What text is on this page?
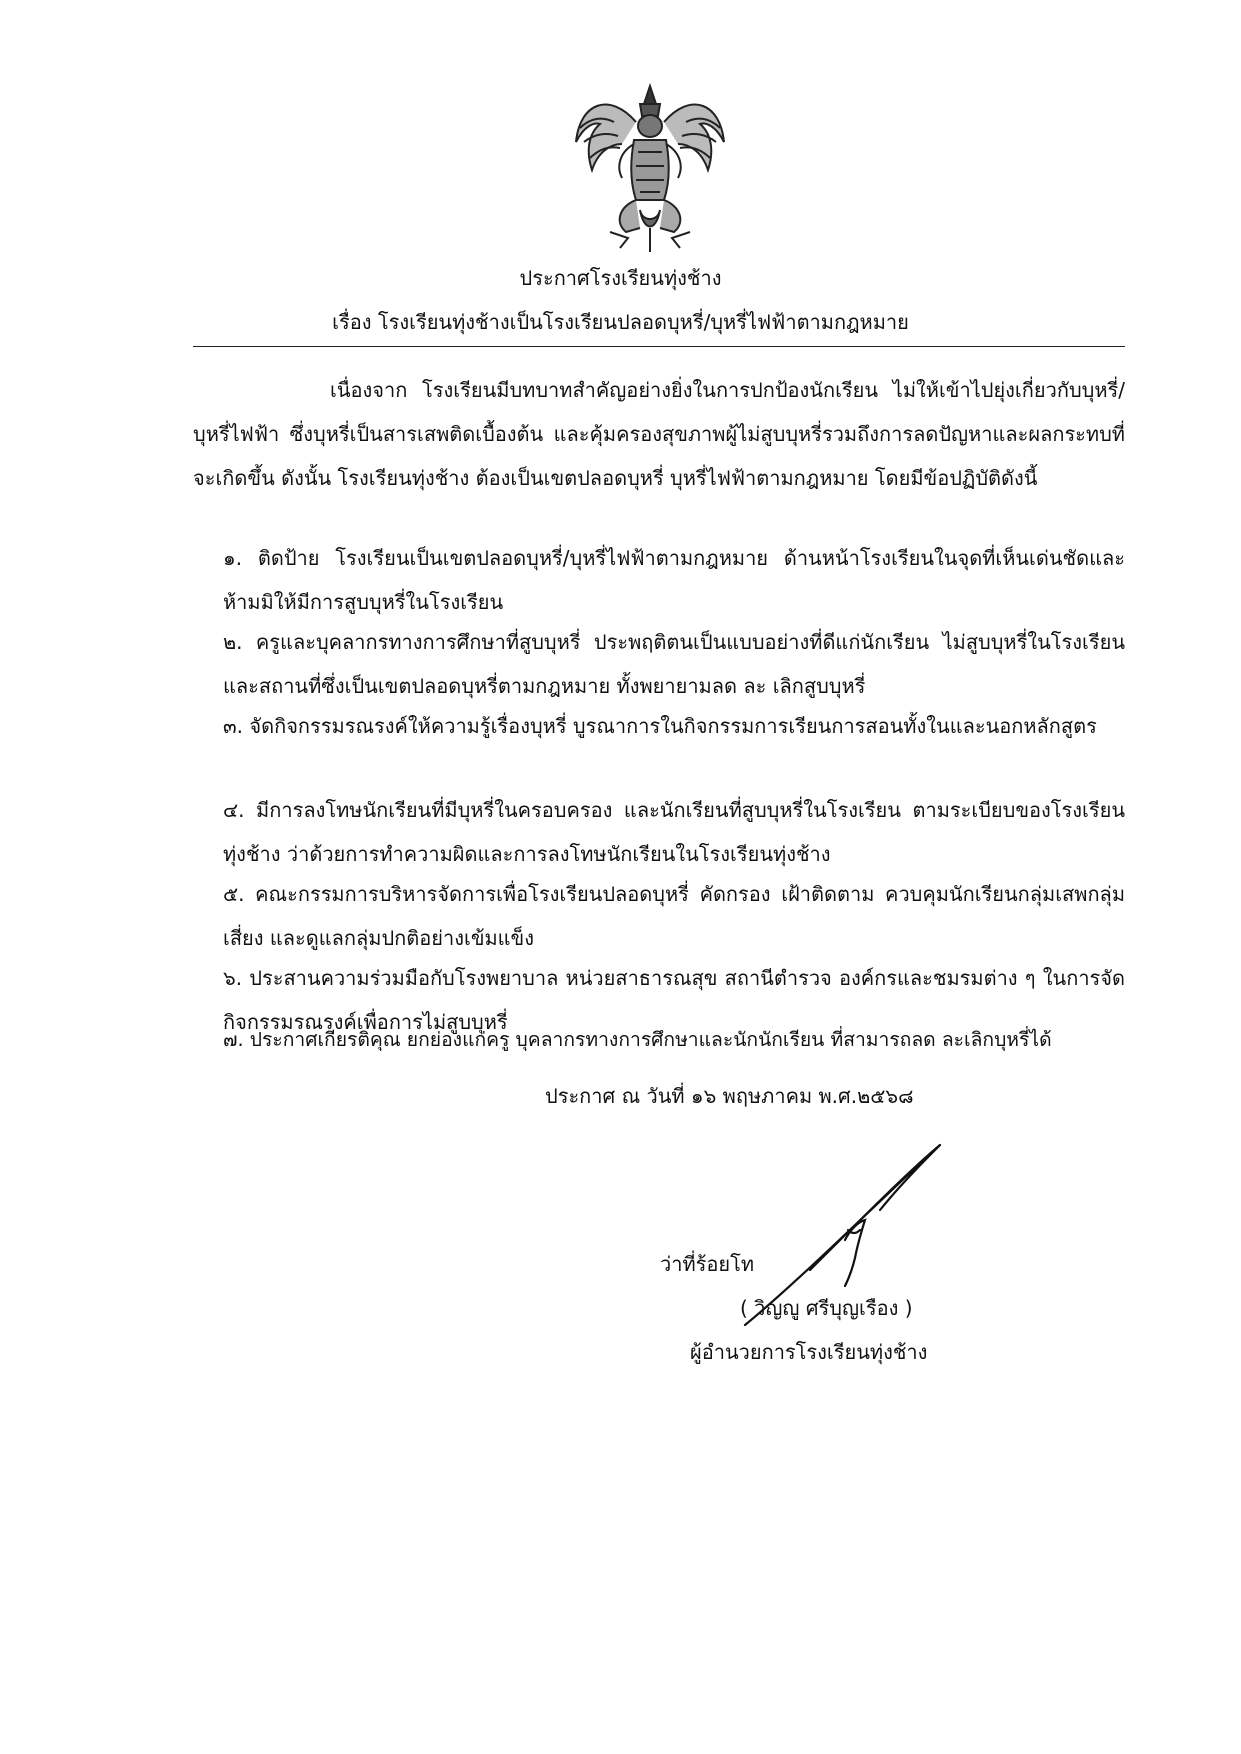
ประกาศโรงเรียนทุ่งช้าง
เรื่อง โรงเรียนทุ่งช้างเป็นโรงเรียนปลอดบุหรี่/บุหรี่ไฟฟ้าตามกฎหมาย
เนื่องจาก โรงเรียนมีบทบาทสำคัญอย่างยิ่งในการปกป้องนักเรียน ไม่ให้เข้าไปยุ่งเกี่ยวกับบุหรี่/บุหรี่ไฟฟ้า ซึ่งบุหรี่เป็นสารเสพติดเบื้องต้น และคุ้มครองสุขภาพผู้ไม่สูบบุหรี่รวมถึงการลดปัญหาและผลกระทบที่จะเกิดขึ้น ดังนั้น โรงเรียนทุ่งช้าง ต้องเป็นเขตปลอดบุหรี่ บุหรี่ไฟฟ้าตามกฎหมาย โดยมีข้อปฏิบัติดังนี้
๑. ติดป้าย โรงเรียนเป็นเขตปลอดบุหรี่/บุหรี่ไฟฟ้าตามกฎหมาย ด้านหน้าโรงเรียนในจุดที่เห็นเด่นชัดและห้ามมิให้มีการสูบบุหรี่ในโรงเรียน
๒. ครูและบุคลากรทางการศึกษาที่สูบบุหรี่ ประพฤติตนเป็นแบบอย่างที่ดีแก่นักเรียน ไม่สูบบุหรี่ในโรงเรียนและสถานที่ซึ่งเป็นเขตปลอดบุหรี่ตามกฎหมาย ทั้งพยายามลด ละ เลิกสูบบุหรี่
๓. จัดกิจกรรมรณรงค์ให้ความรู้เรื่องบุหรี่ บูรณาการในกิจกรรมการเรียนการสอนทั้งในและนอกหลักสูตร
๔. มีการลงโทษนักเรียนที่มีบุหรี่ในครอบครอง และนักเรียนที่สูบบุหรี่ในโรงเรียน ตามระเบียบของโรงเรียนทุ่งช้าง ว่าด้วยการทำความผิดและการลงโทษนักเรียนในโรงเรียนทุ่งช้าง
๕. คณะกรรมการบริหารจัดการเพื่อโรงเรียนปลอดบุหรี่ คัดกรอง เฝ้าติดตาม ควบคุมนักเรียนกลุ่มเสพกลุ่มเสี่ยง และดูแลกลุ่มปกติอย่างเข้มแข็ง
๖. ประสานความร่วมมือกับโรงพยาบาล หน่วยสาธารณสุข สถานีตำรวจ องค์กรและชมรมต่าง ๆ ในการจัดกิจกรรมรณรงค์เพื่อการไม่สูบบุหรี่
๗. ประกาศเกียรติคุณ ยกย่องแก่ครู บุคลากรทางการศึกษาและนักนักเรียน ที่สามารถลด ละเลิกบุหรี่ได้
ประกาศ ณ วันที่ ๑๖ พฤษภาคม พ.ศ.๒๕๖๘
ว่าที่ร้อยโท
( วิญญู ศรีบุญเรือง )
ผู้อำนวยการโรงเรียนทุ่งช้าง
